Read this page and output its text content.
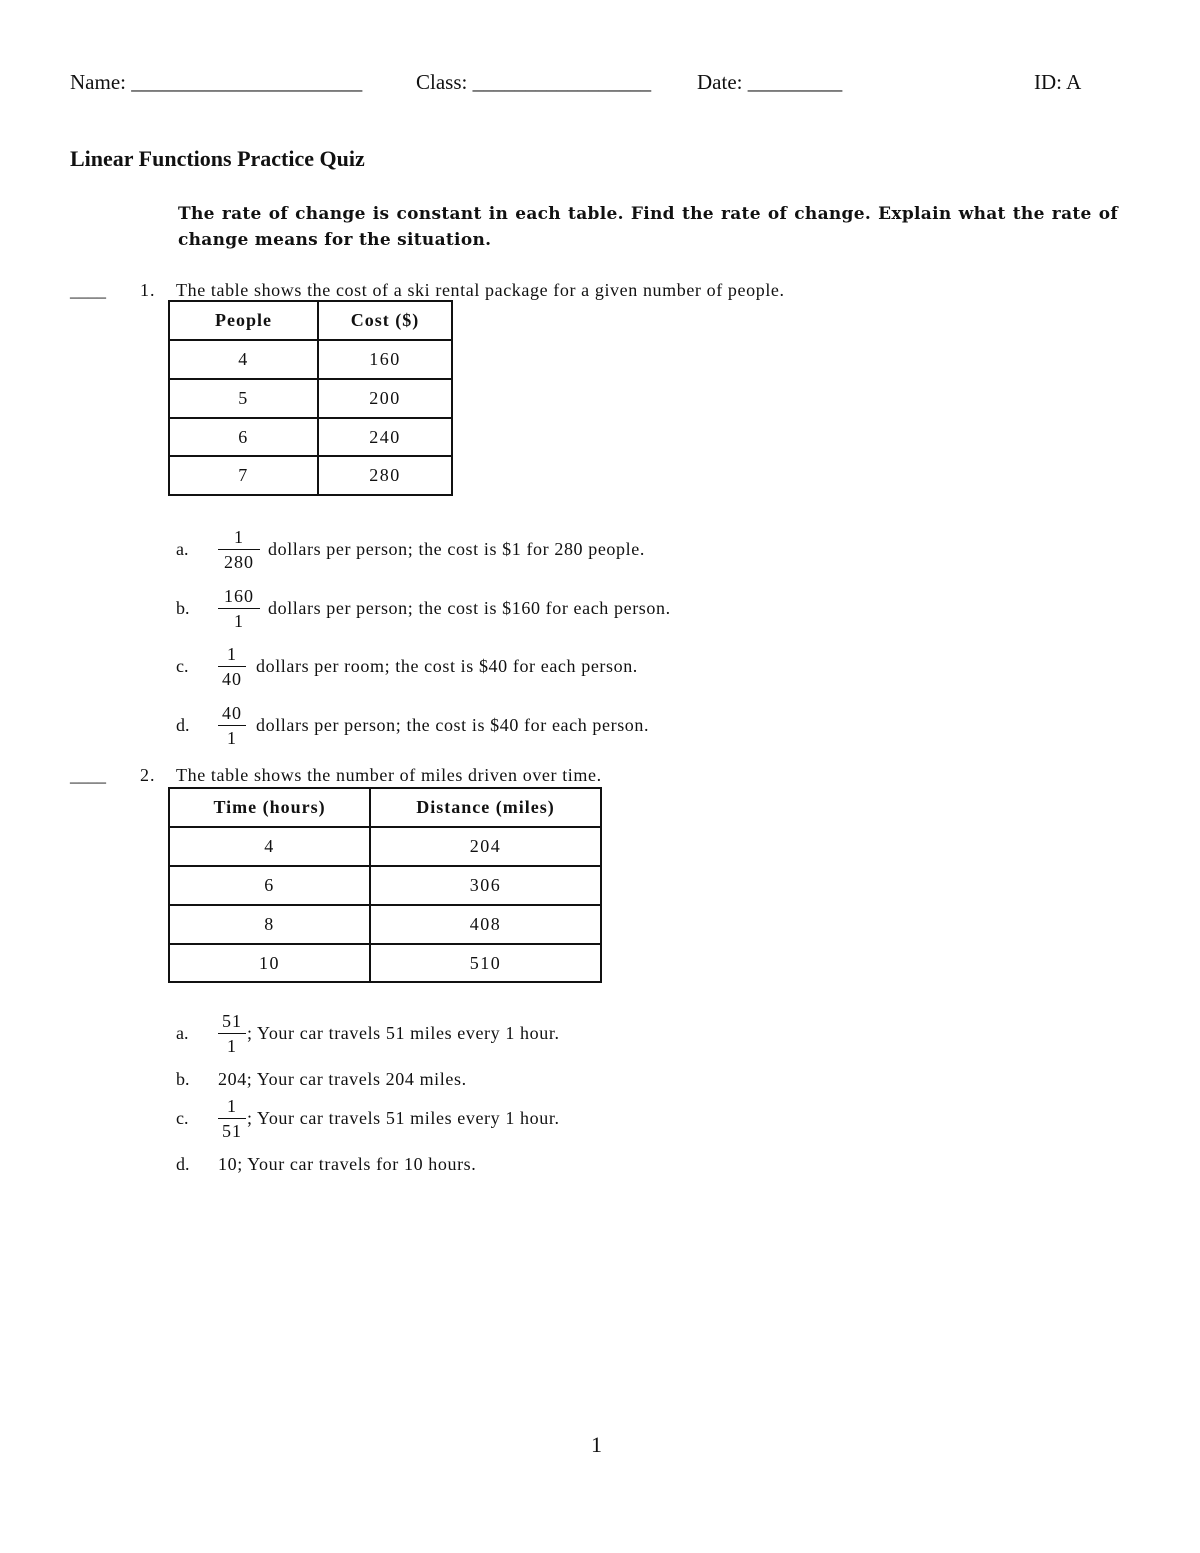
Name: ______________________	Class: _________________ Date: _________	ID: A
Linear Functions Practice Quiz
The rate of change is constant in each table. Find the rate of change. Explain what the rate of change means for the situation.
____ 1. The table shows the cost of a ski rental package for a given number of people.
People	Cost ($)
4	160
5	200
6	240
7	280
a. $\frac{1}{280}$ dollars per person; the cost is $1 for 280 people.
b. $\frac{160}{1}$ dollars per person; the cost is $160 for each person.
c. $\frac{1}{40}$ dollars per room; the cost is $40 for each person.
d. $\frac{40}{1}$ dollars per person; the cost is $40 for each person.
____ 2. The table shows the number of miles driven over time.
Time (hours)	Distance (miles)
4	204
6	306
8	408
10	510
a. $\frac{51}{1}$ ; Your car travels 51 miles every 1 hour.
b. 204; Your car travels 204 miles.
c. $\frac{1}{51}$ ; Your car travels 51 miles every 1 hour.
d. 10; Your car travels for 10 hours.
1
